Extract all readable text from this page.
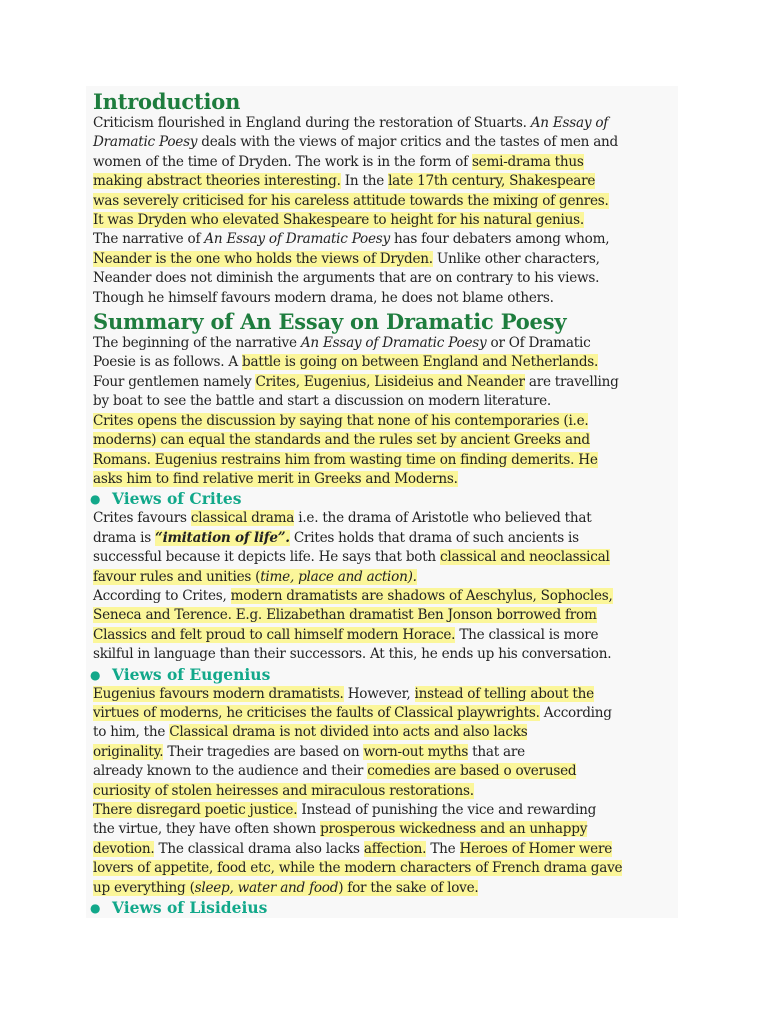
Introduction

Criticism flourished in England during the restoration of Stuarts. An Essay of

Dramatic Poesy deals with the views of major critics and the tastes of men and

women of the time of Dryden. The work is in the form of semi-drama thus

making abstract theories interesting. In the late 17th century, Shakespeare

was severely criticised for his careless attitude towards the mixing of genres.

It was Dryden who elevated Shakespeare to height for his natural genius.

The narrative of An Essay of Dramatic Poesy has four debaters among whom,

Neander is the one who holds the views of Dryden. Unlike other characters,

Neander does not diminish the arguments that are on contrary to his views.

Though he himself favours modern drama, he does not blame others.

Summary of An Essay on Dramatic Poesy

The beginning of the narrative An Essay of Dramatic Poesy or Of Dramatic

Poesie is as follows. A battle is going on between England and Netherlands.

Four gentlemen namely Crites, Eugenius, Lisideius and Neander are travelling

by boat to see the battle and start a discussion on modern literature.

Crites opens the discussion by saying that none of his contemporaries (i.e.

moderns) can equal the standards and the rules set by ancient Greeks and

Romans. Eugenius restrains him from wasting time on finding demerits. He

asks him to find relative merit in Greeks and Moderns.

● Views of Crites

Crites favours classical drama i.e. the drama of Aristotle who believed that

drama is “imitation of life”. Crites holds that drama of such ancients is

successful because it depicts life. He says that both classical and neoclassical

favour rules and unities (time, place and action).

According to Crites, modern dramatists are shadows of Aeschylus, Sophocles,

Seneca and Terence. E.g. Elizabethan dramatist Ben Jonson borrowed from

Classics and felt proud to call himself modern Horace. The classical is more

skilful in language than their successors. At this, he ends up his conversation.

● Views of Eugenius

Eugenius favours modern dramatists. However, instead of telling about the

virtues of moderns, he criticises the faults of Classical playwrights. According

to him, the Classical drama is not divided into acts and also lacks

originality. Their tragedies are based on worn-out myths that are

already known to the audience and their comedies are based o overused

curiosity of stolen heiresses and miraculous restorations.

There disregard poetic justice. Instead of punishing the vice and rewarding

the virtue, they have often shown prosperous wickedness and an unhappy

devotion. The classical drama also lacks affection. The Heroes of Homer were

lovers of appetite, food etc, while the modern characters of French drama gave

up everything (sleep, water and food) for the sake of love.

● Views of Lisideius
